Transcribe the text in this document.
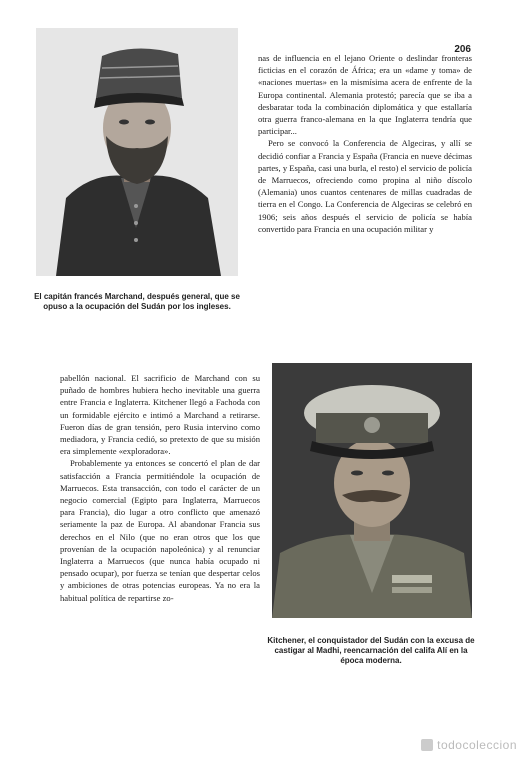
206
El capitán francés Marchand, después general, que se opuso a la ocupación del Sudán por los ingleses.

nas de influencia en el lejano Oriente o deslindar fronteras ficticias en el corazón de África; era un «dame y toma» de «naciones muertas» en la mismísima acera de enfrente de la Europa continental. Alemania protestó; parecía que se iba a desbaratar toda la combinación diplomática y que estallaría otra guerra franco-alemana en la que Inglaterra tendría que participar...

Pero se convocó la Conferencia de Algeciras, y allí se decidió confiar a Francia y España (Francia en nueve décimas partes, y España, casi una burla, el resto) el servicio de policía de Marruecos, ofreciendo como propina al niño díscolo (Alemania) unos cuantos centenares de millas cuadradas de tierra en el Congo. La Conferencia de Algeciras se celebró en 1906; seis años después el servicio de policía se había convertido para Francia en una ocupación militar y

pabellón nacional. El sacrificio de Marchand con su puñado de hombres hubiera hecho inevitable una guerra entre Francia e Inglaterra. Kitchener llegó a Fachoda con un formidable ejército e intimó a Marchand a retirarse. Fueron días de gran tensión, pero Rusia intervino como mediadora, y Francia cedió, so pretexto de que su misión era simplemente «exploradora».

Probablemente ya entonces se concertó el plan de dar satisfacción a Francia permitiéndole la ocupación de Marruecos. Esta transacción, con todo el carácter de un negocio comercial (Egipto para Inglaterra, Marruecos para Francia), dio lugar a otro conflicto que amenazó seriamente la paz de Europa. Al abandonar Francia sus derechos en el Nilo (que no eran otros que los que provenían de la ocupación napoleónica) y al renunciar Inglaterra a Marruecos (que nunca había ocupado ni pensado ocupar), por fuerza se tenían que despertar celos y ambiciones de otras potencias europeas. Ya no era la habitual política de repartirse zo-

Kitchener, el conquistador del Sudán con la excusa de castigar al Madhi, reencarnación del califa Alí en la época moderna.
todocoleccion
